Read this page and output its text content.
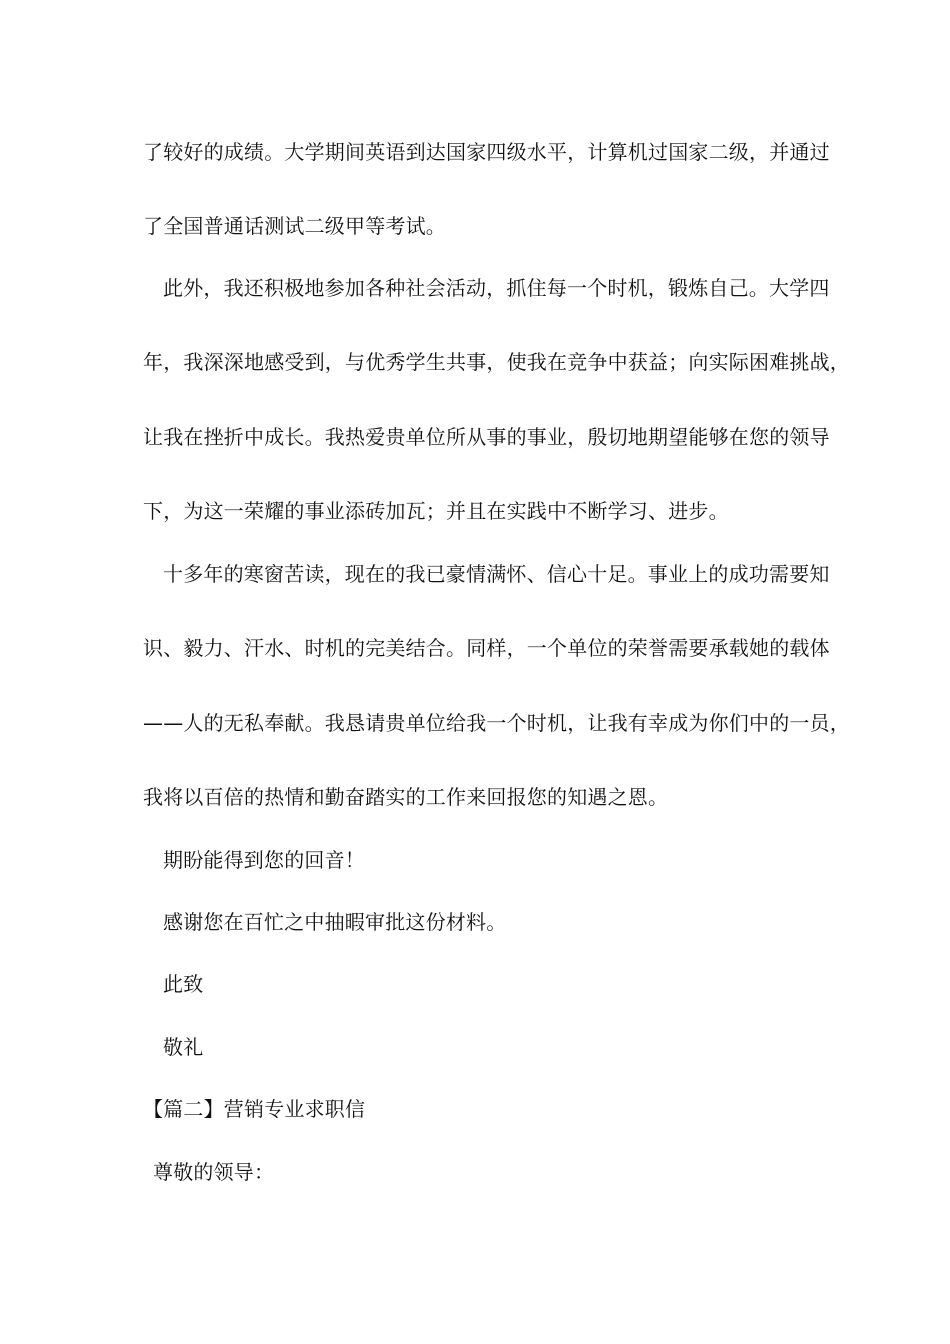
了较好的成绩。大学期间英语到达国家四级水平，计算机过国家二级，并通过
了全国普通话测试二级甲等考试。
此外，我还积极地参加各种社会活动，抓住每一个时机，锻炼自己。大学四
年，我深深地感受到，与优秀学生共事，使我在竞争中获益；向实际困难挑战，
让我在挫折中成长。我热爱贵单位所从事的事业，殷切地期望能够在您的领导
下，为这一荣耀的事业添砖加瓦；并且在实践中不断学习、进步。
十多年的寒窗苦读，现在的我已豪情满怀、信心十足。事业上的成功需要知
识、毅力、汗水、时机的完美结合。同样，一个单位的荣誉需要承载她的载体
——人的无私奉献。我恳请贵单位给我一个时机，让我有幸成为你们中的一员，
我将以百倍的热情和勤奋踏实的工作来回报您的知遇之恩。
期盼能得到您的回音！
感谢您在百忙之中抽暇审批这份材料。
此致
敬礼
【篇二】营销专业求职信
尊敬的领导：
